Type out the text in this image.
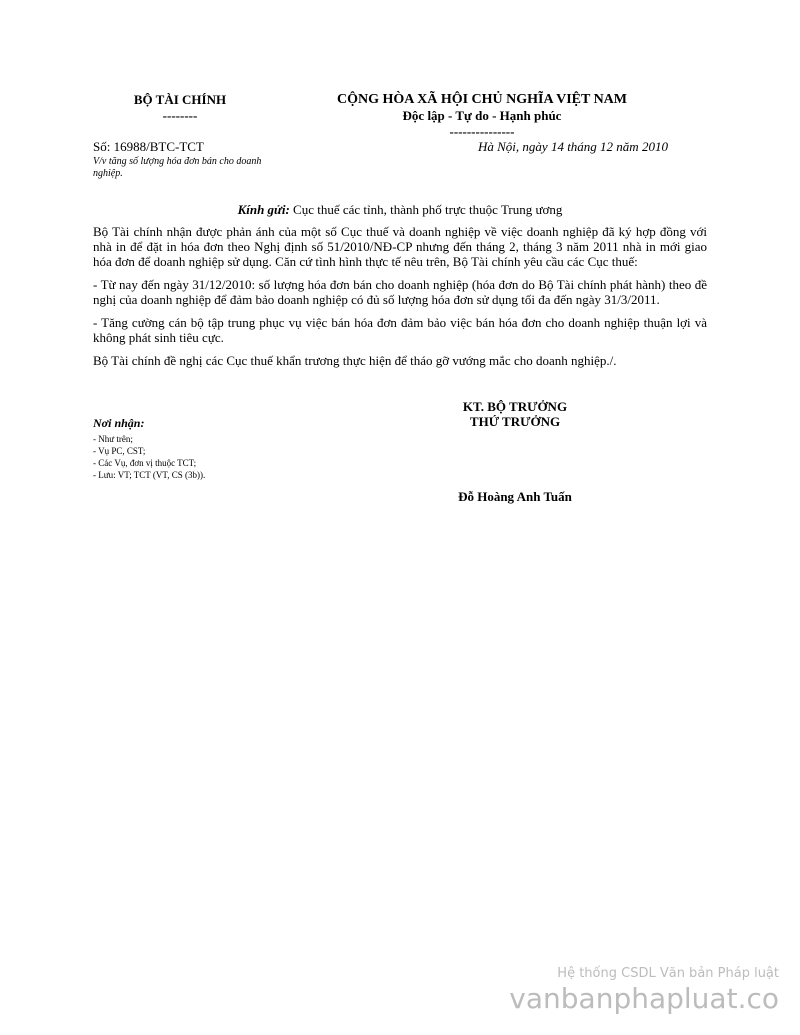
BỘ TÀI CHÍNH
--------
CỘNG HÒA XÃ HỘI CHỦ NGHĨA VIỆT NAM
Độc lập - Tự do - Hạnh phúc
---------------
Số: 16988/BTC-TCT
V/v tăng số lượng hóa đơn bán cho doanh nghiệp.
Hà Nội, ngày 14 tháng 12 năm 2010
Kính gửi: Cục thuế các tỉnh, thành phố trực thuộc Trung ương

Bộ Tài chính nhận được phản ánh của một số Cục thuế và doanh nghiệp về việc doanh nghiệp đã ký hợp đồng với nhà in để đặt in hóa đơn theo Nghị định số 51/2010/NĐ-CP nhưng đến tháng 2, tháng 3 năm 2011 nhà in mới giao hóa đơn để doanh nghiệp sử dụng. Căn cứ tình hình thực tế nêu trên, Bộ Tài chính yêu cầu các Cục thuế:

- Từ nay đến ngày 31/12/2010: số lượng hóa đơn bán cho doanh nghiệp (hóa đơn do Bộ Tài chính phát hành) theo đề nghị của doanh nghiệp để đảm bảo doanh nghiệp có đủ số lượng hóa đơn sử dụng tối đa đến ngày 31/3/2011.

- Tăng cường cán bộ tập trung phục vụ việc bán hóa đơn đảm bảo việc bán hóa đơn cho doanh nghiệp thuận lợi và không phát sinh tiêu cực.

Bộ Tài chính đề nghị các Cục thuế khẩn trương thực hiện để tháo gỡ vướng mắc cho doanh nghiệp./.

KT. BỘ TRƯỞNG
THỨ TRƯỞNG
Nơi nhận:
- Như trên;
- Vụ PC, CST;
- Các Vụ, đơn vị thuộc TCT;
- Lưu: VT; TCT (VT, CS (3b)).
Đỗ Hoàng Anh Tuấn
Hệ thống CSDL Văn bản Pháp luật
vanbanphapluat.co
